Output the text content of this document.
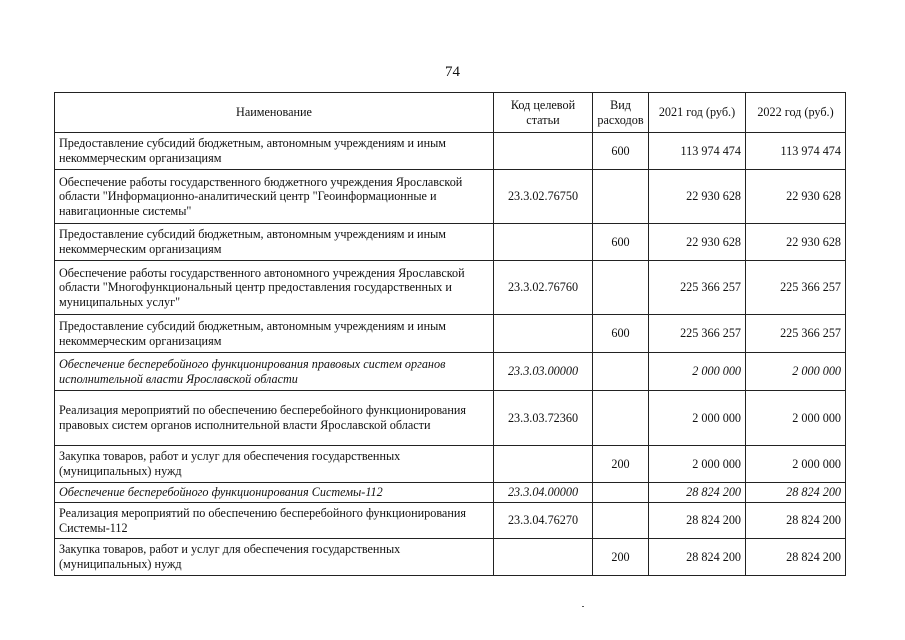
74
Наименование	Код целевой статьи	Вид расходов	2021 год (руб.)	2022 год (руб.)
Предоставление субсидий бюджетным, автономным учреждениям и иным некоммерческим организациям		600	113 974 474	113 974 474
Обеспечение работы государственного бюджетного учреждения Ярославской области "Информационно-аналитический центр "Геоинформационные и навигационные системы"	23.3.02.76750		22 930 628	22 930 628
Предоставление субсидий бюджетным, автономным учреждениям и иным некоммерческим организациям		600	22 930 628	22 930 628
Обеспечение работы государственного автономного учреждения Ярославской области "Многофункциональный центр предоставления государственных и муниципальных услуг"	23.3.02.76760		225 366 257	225 366 257
Предоставление субсидий бюджетным, автономным учреждениям и иным некоммерческим организациям		600	225 366 257	225 366 257
Обеспечение бесперебойного функционирования правовых систем органов исполнительной власти Ярославской области	23.3.03.00000		2 000 000	2 000 000
Реализация мероприятий по обеспечению бесперебойного функционирования правовых систем органов исполнительной власти Ярославской области	23.3.03.72360		2 000 000	2 000 000
Закупка товаров, работ и услуг для обеспечения государственных (муниципальных) нужд		200	2 000 000	2 000 000
Обеспечение бесперебойного функционирования Системы-112	23.3.04.00000		28 824 200	28 824 200
Реализация мероприятий по обеспечению бесперебойного функционирования Системы-112	23.3.04.76270		28 824 200	28 824 200
Закупка товаров, работ и услуг для обеспечения государственных (муниципальных) нужд		200	28 824 200	28 824 200
